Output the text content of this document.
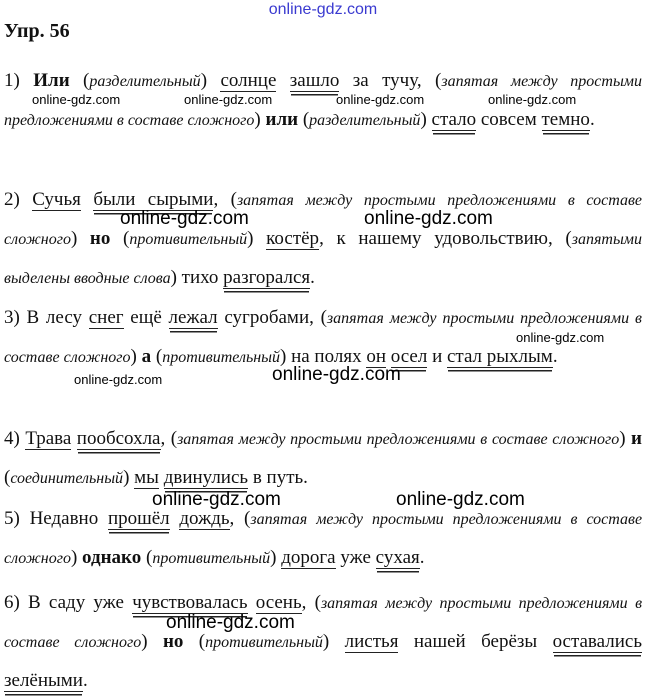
online-gdz.com
Упр. 56
1) Или (разделительный) солнце зашло за тучу, (запятая между простыми предложениями в составе сложного) или (разделительный) стало совсем темно.
2) Сучья были сырыми, (запятая между простыми предложениями в составе сложного) но (противительный) костёр, к нашему удовольствию, (запятыми выделены вводные слова) тихо разгорался.
3) В лесу снег ещё лежал сугробами, (запятая между простыми предложениями в составе сложного) а (противительный) на полях он осел и стал рыхлым.
4) Трава пообсохла, (запятая между простыми предложениями в составе сложного) и (соединительный) мы двинулись в путь.
5) Недавно прошёл дождь, (запятая между простыми предложениями в составе сложного) однако (противительный) дорога уже сухая.
6) В саду уже чувствовалась осень, (запятая между простыми предложениями в составе сложного) но (противительный) листья нашей берёзы оставались зелёными.
online-gdz.com	online-gdz.com	online-gdz.com	online-gdz.com
online-gdz.com	online-gdz.com
online-gdz.com
online-gdz.com	online-gdz.com
online-gdz.com	online-gdz.com
online-gdz.com
